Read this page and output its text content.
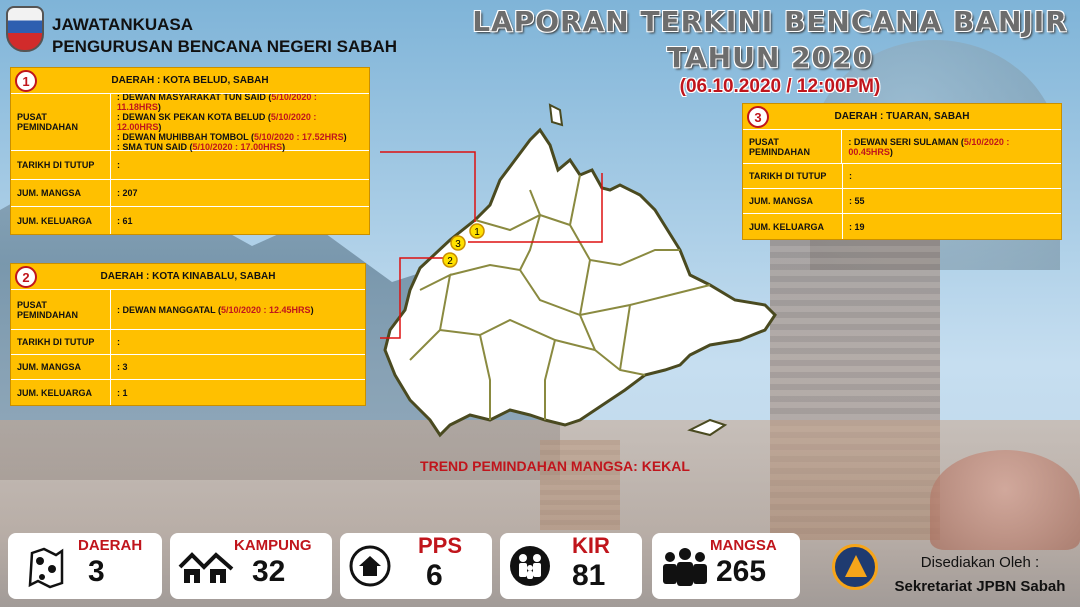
JAWATANKUASA
PENGURUSAN BENCANA NEGERI SABAH
LAPORAN TERKINI BENCANA BANJIR
TAHUN 2020
(06.10.2020 / 12:00PM)
1	DAERAH : KOTA BELUD, SABAH
PUSAT PEMINDAHAN
: DEWAN MASYARAKAT TUN SAID (5/10/2020 : 11.18HRS)
: DEWAN SK PEKAN KOTA BELUD (5/10/2020 : 12.00HRS)
: DEWAN MUHIBBAH TOMBOL (5/10/2020 : 17.52HRS)
: SMA TUN SAID (5/10/2020 : 17.00HRS)
TARIKH DI TUTUP	:
JUM. MANGSA	: 207
JUM. KELUARGA	: 61
2	DAERAH : KOTA KINABALU, SABAH
PUSAT PEMINDAHAN	: DEWAN MANGGATAL (5/10/2020 : 12.45HRS)
TARIKH DI TUTUP	:
JUM. MANGSA	: 3
JUM. KELUARGA	: 1
3	DAERAH : TUARAN, SABAH
PUSAT PEMINDAHAN
: DEWAN SERI SULAMAN (5/10/2020 : 00.45HRS)
TARIKH DI TUTUP	:
JUM. MANGSA	: 55
JUM. KELUARGA	: 19
1
3
2
TREND PEMINDAHAN MANGSA: KEKAL
DAERAH
3
KAMPUNG
32
PPS
6
KIR
81
MANGSA
265	Disediakan Oleh :
Sekretariat JPBN Sabah
